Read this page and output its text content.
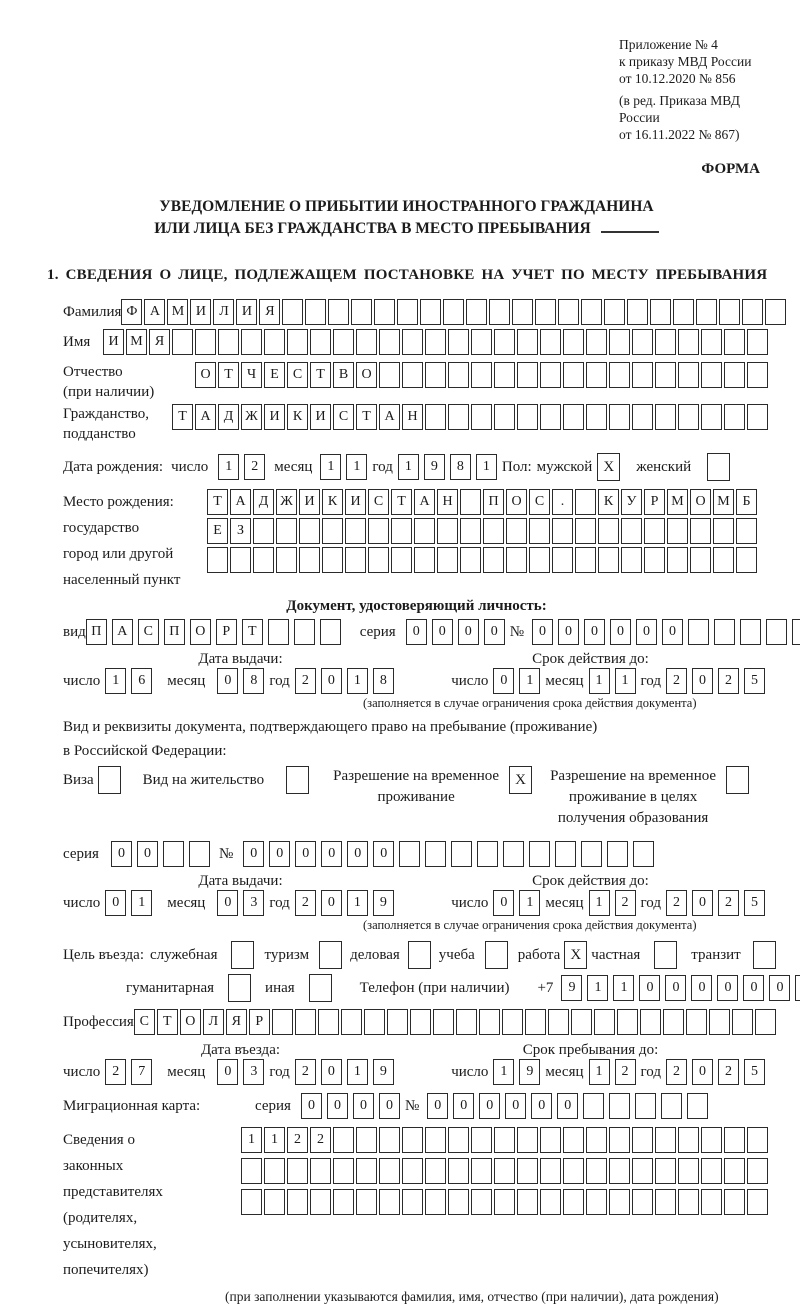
Приложение № 4
к приказу МВД России
от 10.12.2020 № 856
(в ред. Приказа МВД России
от 16.11.2022 № 867)
ФОРМА
УВЕДОМЛЕНИЕ О ПРИБЫТИИ ИНОСТРАННОГО ГРАЖДАНИНА
ИЛИ ЛИЦА БЕЗ ГРАЖДАНСТВА В МЕСТО ПРЕБЫВАНИЯ
1. СВЕДЕНИЯ О ЛИЦЕ, ПОДЛЕЖАЩЕМ ПОСТАНОВКЕ НА УЧЕТ ПО МЕСТУ ПРЕБЫВАНИЯ
Фамилия Ф А М И Л И Я
Имя	И М Я
Отчество
(при наличии)
О Т	Ч	Е	С	Т	В О
Гражданство,
подданство
Т А Д Ж И К И С	Т А Н
Дата рождения: число	1	2	месяц	1	1 год 1	9	8	1 Пол: мужской X	женский
Место рождения:
государство
город или другой
населенный пункт
Т А Д Ж И К И С	Т А Н	П О С	.	К У	Р М О М Б
Е	З
Документ, удостоверяющий личность:
вид П	А	С	П	О	Р	Т	серия	0	0	0	0 №	0	0	0	0	0	0
Дата выдачи:	Срок действия до:
число 1	6	месяц	0	8 год 2	0	1	8	число 0	1 месяц 1	1 год 2	0	2	5
(заполняется в случае ограничения срока действия документа)
Вид и реквизиты документа, подтверждающего право на пребывание (проживание)
в Российской Федерации:
Виза	Вид на жительство	Разрешение на временное
проживание
X	Разрешение на временное
проживание в целях
получения образования
серия	0	0	№	0	0	0	0	0	0
Дата выдачи:	Срок действия до:
число 0	1	месяц	0	3 год 2	0	1	9	число 0	1 месяц 1	2 год 2	0	2	5
(заполняется в случае ограничения срока действия документа)
Цель въезда: служебная	туризм	деловая	учеба	работа X частная	транзит
гуманитарная	иная	Телефон (при наличии) +7	9	1	1	0	0	0	0	0	0
Профессия С	Т О Л Я	Р
Дата въезда:	Срок пребывания до:
число 2	7	месяц	0	3 год 2	0	1	9	число 1	9 месяц 1	2 год 2	0	2	5
Миграционная карта:	серия	0	0	0	0 №	0	0	0	0	0	0
Сведения о
законных
представителях
(родителях,
усыновителях,
попечителях)
1	1	2	2
(при заполнении указываются фамилия, имя, отчество (при наличии), дата рождения)
